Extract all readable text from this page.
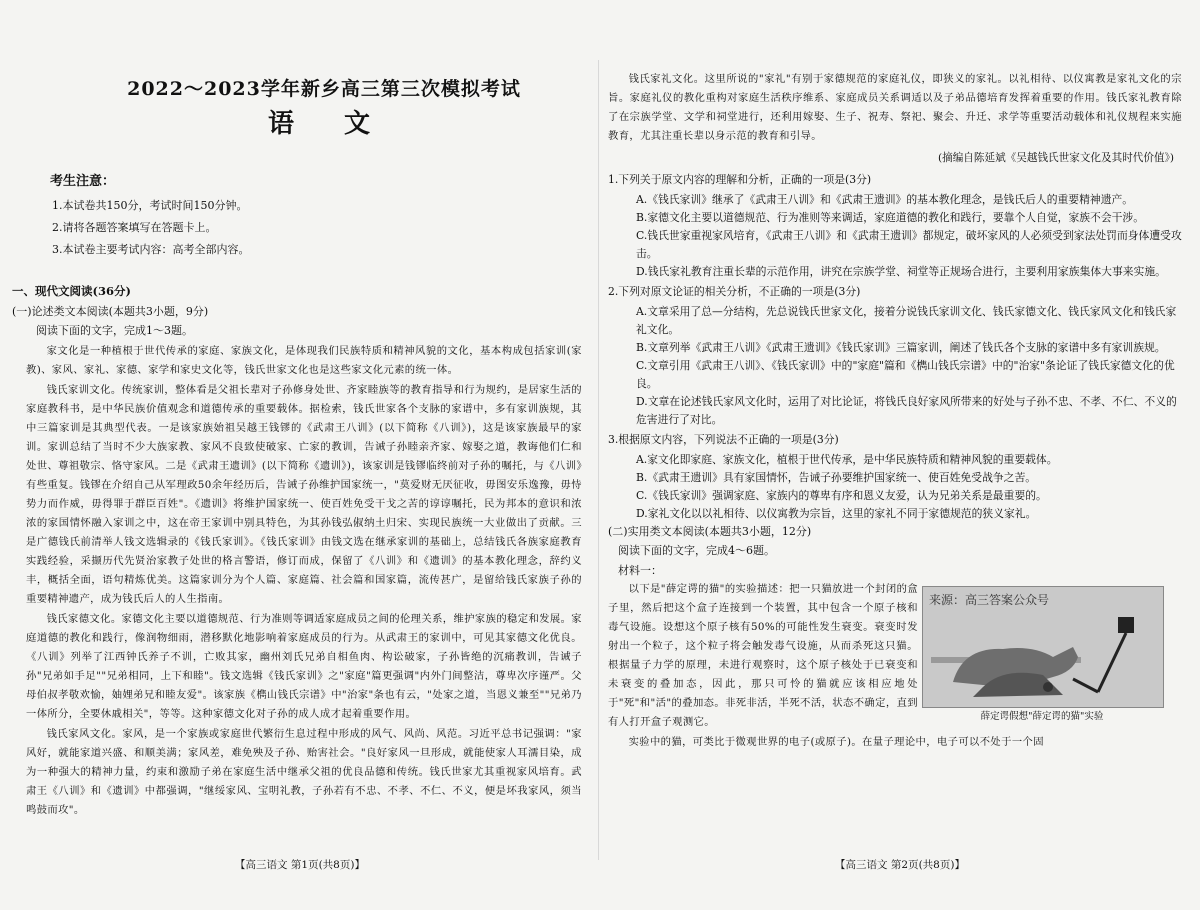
2022～2023学年新乡高三第三次模拟考试
语文
考生注意：
1.本试卷共150分，考试时间150分钟。
2.请将各题答案填写在答题卡上。
3.本试卷主要考试内容：高考全部内容。
一、现代文阅读(36分)
(一)论述类文本阅读(本题共3小题，9分)
阅读下面的文字，完成1～3题。

家文化是一种植根于世代传承的家庭、家族文化，是体现我们民族特质和精神风貌的文化，基本构成包括家训(家教)、家风、家礼、家德、家学和家史文化等，钱氏世家文化也是这些家文化元素的统一体。

钱氏家训文化。传统家训，整体看是父祖长辈对子孙修身处世、齐家睦族等的教育指导和行为规约，是居家生活的家庭教科书，是中华民族价值观念和道德传承的重要载体。据检索，钱氏世家各个支脉的家谱中，多有家训族规，其中三篇家训是其典型代表。一是该家族始祖吴越王钱镠的《武肃王八训》(以下简称《八训》)，这是该家族最早的家训。家训总结了当时不少大族家教、家风不良致使破家、亡家的教训，告诫子孙睦亲齐家、嫁娶之道，教诲他们仁和处世、尊祖敬宗、恪守家风。二是《武肃王遗训》(以下简称《遗训》)，该家训是钱镠临终前对子孙的嘱托，与《八训》有些重复。钱镠在介绍自己从军理政50余年经历后，告诫子孙维护国家统一，"莫爱财无厌征收，毋图安乐逸豫，毋恃势力而作威，毋得罪于群臣百姓"。《遗训》将维护国家统一、使百姓免受干戈之苦的谆谆嘱托，民为邦本的意识和浓浓的家国情怀融入家训之中，这在帝王家训中别具特色，为其孙钱弘俶纳土归宋、实现民族统一大业做出了贡献。三是广德钱氏前清举人钱文选辑录的《钱氏家训》。《钱氏家训》由钱文选在继承家训的基础上，总结钱氏各族家庭教育实践经验，采撷历代先贤治家教子处世的格言警语，修订而成，保留了《八训》和《遗训》的基本教化理念，辞约义丰，概括全面，语句精炼优美。这篇家训分为个人篇、家庭篇、社会篇和国家篇，流传甚广，是留给钱氏家族子孙的重要精神遗产，成为钱氏后人的人生指南。

钱氏家德文化。家德文化主要以道德规范、行为准则等调适家庭成员之间的伦理关系，维护家族的稳定和发展。家庭道德的教化和践行，像润物细雨，潜移默化地影响着家庭成员的行为。从武肃王的家训中，可见其家德文化优良。《八训》列举了江西钟氏养子不训，亡败其家，幽州刘氏兄弟自相鱼肉、构讼破家，子孙皆绝的沉痛教训，告诫子孙"兄弟如手足""兄弟相同，上下和睦"。钱文选辑《钱氏家训》之"家庭"篇更强调"内外门间整洁，尊卑次序谨严。父母伯叔孝敬欢愉，妯娌弟兄和睦友爱"。该家族《檇山钱氏宗谱》中"治家"条也有云，"处家之道，当恩义兼至""兄弟乃一体所分，全要休戚相关"，等等。这种家德文化对子孙的成人成才起着重要作用。

钱氏家风文化。家风，是一个家族或家庭世代繁衍生息过程中形成的风气、风尚、风范。习近平总书记强调："家风好，就能家道兴盛、和顺美满；家风差，难免殃及子孙、贻害社会。"良好家风一旦形成，就能使家人耳濡目染，成为一种强大的精神力量，约束和激励子弟在家庭生活中继承父祖的优良品德和传统。钱氏世家尤其重视家风培育。武肃王《八训》和《遗训》中都强调，"继绥家风、宝明礼教，子孙若有不忠、不孝、不仁、不义，便是坏我家风，须当鸣鼓而攻"。

钱氏家礼文化。这里所说的"家礼"有别于家德规范的家庭礼仪，即狭义的家礼。以礼相待、以仪寓教是家礼文化的宗旨。家庭礼仪的教化重构对家庭生活秩序维系、家庭成员关系调适以及子弟品德培育发挥着重要的作用。钱氏家礼教育除了在宗族学堂、文学和祠堂进行，还利用嫁娶、生子、祝寿、祭祀、聚会、升迁、求学等重要活动载体和礼仪规程来实施教育，尤其注重长辈以身示范的教育和引导。

(摘编自陈延斌《吴越钱氏世家文化及其时代价值》)
1.下列关于原文内容的理解和分析，正确的一项是(3分)
A.《钱氏家训》继承了《武肃王八训》和《武肃王遗训》的基本教化理念，是钱氏后人的重要精神遗产。
B.家德文化主要以道德规范、行为准则等来调适，家庭道德的教化和践行，要靠个人自觉，家族不会干涉。
C.钱氏世家重视家风培育，《武肃王八训》和《武肃王遗训》都规定，破坏家风的人必须受到家法处罚而身体遭受攻击。
D.钱氏家礼教育注重长辈的示范作用，讲究在宗族学堂、祠堂等正规场合进行，主要利用家族集体大事来实施。
2.下列对原文论证的相关分析，不正确的一项是(3分)
A.文章采用了总—分结构，先总说钱氏世家文化，接着分说钱氏家训文化、钱氏家德文化、钱氏家风文化和钱氏家礼文化。
B.文章列举《武肃王八训》《武肃王遗训》《钱氏家训》三篇家训，阐述了钱氏各个支脉的家谱中多有家训族规。
C.文章引用《武肃王八训》、《钱氏家训》中的"家庭"篇和《檇山钱氏宗谱》中的"治家"条论证了钱氏家德文化的优良。
D.文章在论述钱氏家风文化时，运用了对比论证，将钱氏良好家风所带来的好处与子孙不忠、不孝、不仁、不义的危害进行了对比。
3.根据原文内容，下列说法不正确的一项是(3分)
A.家文化即家庭、家族文化，植根于世代传承，是中华民族特质和精神风貌的重要载体。
B.《武肃王遗训》具有家国情怀，告诫子孙要维护国家统一、使百姓免受战争之苦。
C.《钱氏家训》强调家庭、家族内的尊卑有序和恩义友爱，认为兄弟关系是最重要的。
D.家礼文化以以礼相待、以仪寓教为宗旨，这里的家礼不同于家德规范的狭义家礼。
(二)实用类文本阅读(本题共3小题，12分)
阅读下面的文字，完成4～6题。
材料一：
来源：高三答案公众号
薛定谔假想"薛定谔的猫"实验

以下是"薛定谔的猫"的实验描述：把一只猫放进一个封闭的盒子里，然后把这个盒子连接到一个装置，其中包含一个原子核和毒气设施。设想这个原子核有50%的可能性发生衰变。衰变时发射出一个粒子，这个粒子将会触发毒气设施，从而杀死这只猫。根据量子力学的原理，未进行观察时，这个原子核处于已衰变和未衰变的叠加态，因此，那只可怜的猫就应该相应地处于"死"和"活"的叠加态。非死非活，半死不活，状态不确定，直到有人打开盒子观测它。

实验中的猫，可类比于微观世界的电子(或原子)。在量子理论中，电子可以不处于一个固

【高三语文 第1页(共8页)】	【高三语文 第2页(共8页)】
